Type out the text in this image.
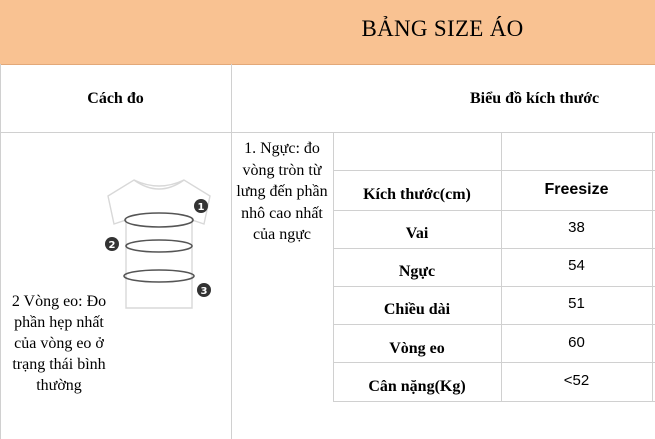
BẢNG SIZE ÁO
Cách đo	Biểu đồ kích thước
2 Vòng eo: Đo phần hẹp nhất của vòng eo ở trạng thái bình thường
1
2
3
1. Ngực: đo vòng tròn từ lưng đến phần nhô cao nhất của ngực
Kích thước(cm)	Freesize
Vai	38
Ngực	54
Chiều dài	51
Vòng eo	60
Cân nặng(Kg)	<52
